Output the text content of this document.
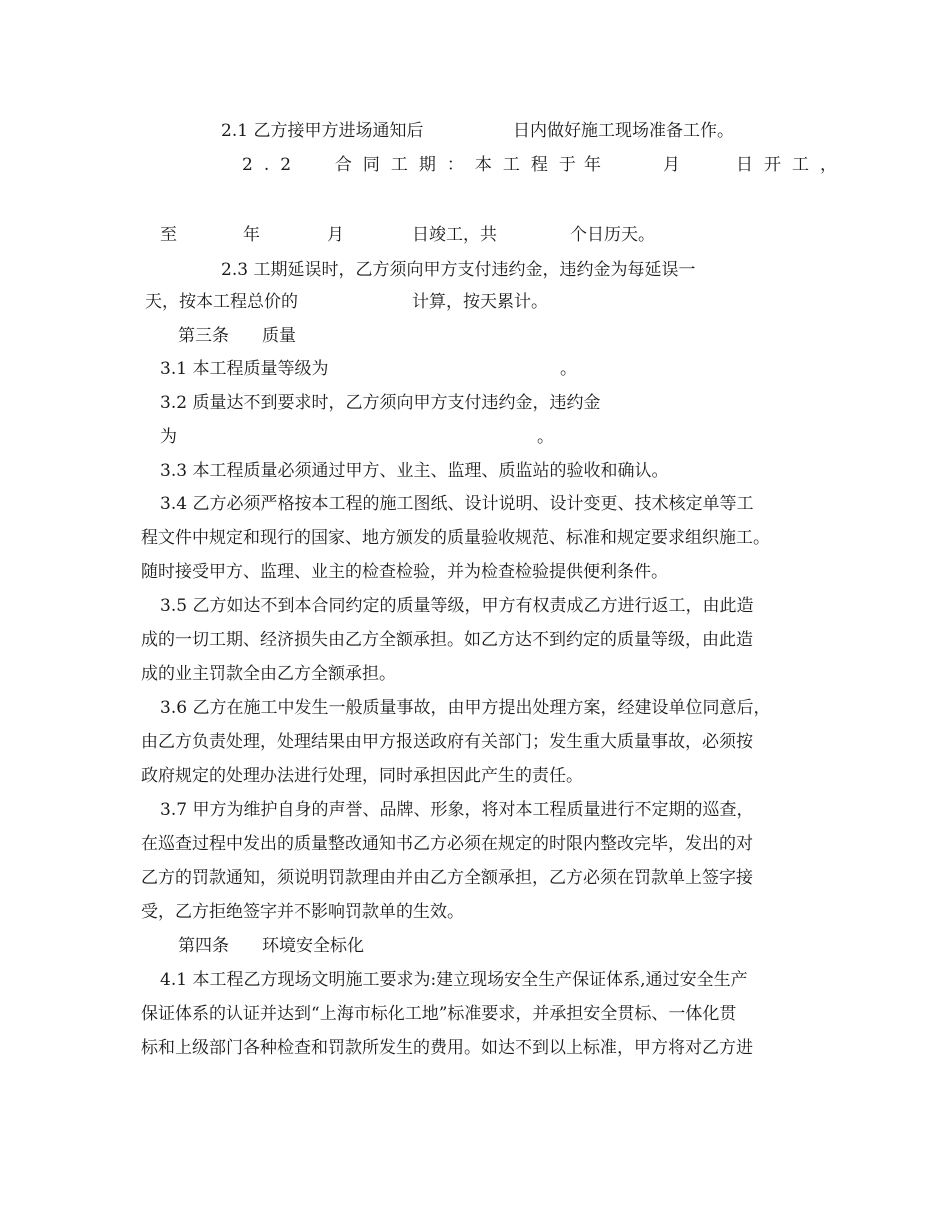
2.1 乙方接甲方进场通知后	日内做好施工现场准备工作。

2.2  合同工期：本工程于

年	月	日开工，

至	年	月	日竣工，共	个日历天。

2.3 工期延误时，乙方须向甲方支付违约金，违约金为每延误一

天，按本工程总价的	计算，按天累计。

第三条 质量

3.1 本工程质量等级为	。

3.2 质量达不到要求时，乙方须向甲方支付违约金，违约金

为	。

3.3 本工程质量必须通过甲方、业主、监理、质监站的验收和确认。

3.4 乙方必须严格按本工程的施工图纸、设计说明、设计变更、技术核定单等工

程文件中规定和现行的国家、地方颁发的质量验收规范、标准和规定要求组织施工。

随时接受甲方、监理、业主的检查检验，并为检查检验提供便利条件。

3.5 乙方如达不到本合同约定的质量等级，甲方有权责成乙方进行返工，由此造

成的一切工期、经济损失由乙方全额承担。如乙方达不到约定的质量等级，由此造

成的业主罚款全由乙方全额承担。

3.6 乙方在施工中发生一般质量事故，由甲方提出处理方案，经建设单位同意后，

由乙方负责处理，处理结果由甲方报送政府有关部门；发生重大质量事故，必须按

政府规定的处理办法进行处理，同时承担因此产生的责任。

3.7 甲方为维护自身的声誉、品牌、形象，将对本工程质量进行不定期的巡查，

在巡查过程中发出的质量整改通知书乙方必须在规定的时限内整改完毕，发出的对

乙方的罚款通知，须说明罚款理由并由乙方全额承担，乙方必须在罚款单上签字接

受，乙方拒绝签字并不影响罚款单的生效。

第四条 环境安全标化

4.1 本工程乙方现场文明施工要求为:建立现场安全生产保证体系,通过安全生产

保证体系的认证并达到“上海市标化工地”标准要求，并承担安全贯标、一体化贯

标和上级部门各种检查和罚款所发生的费用。如达不到以上标准，甲方将对乙方进
